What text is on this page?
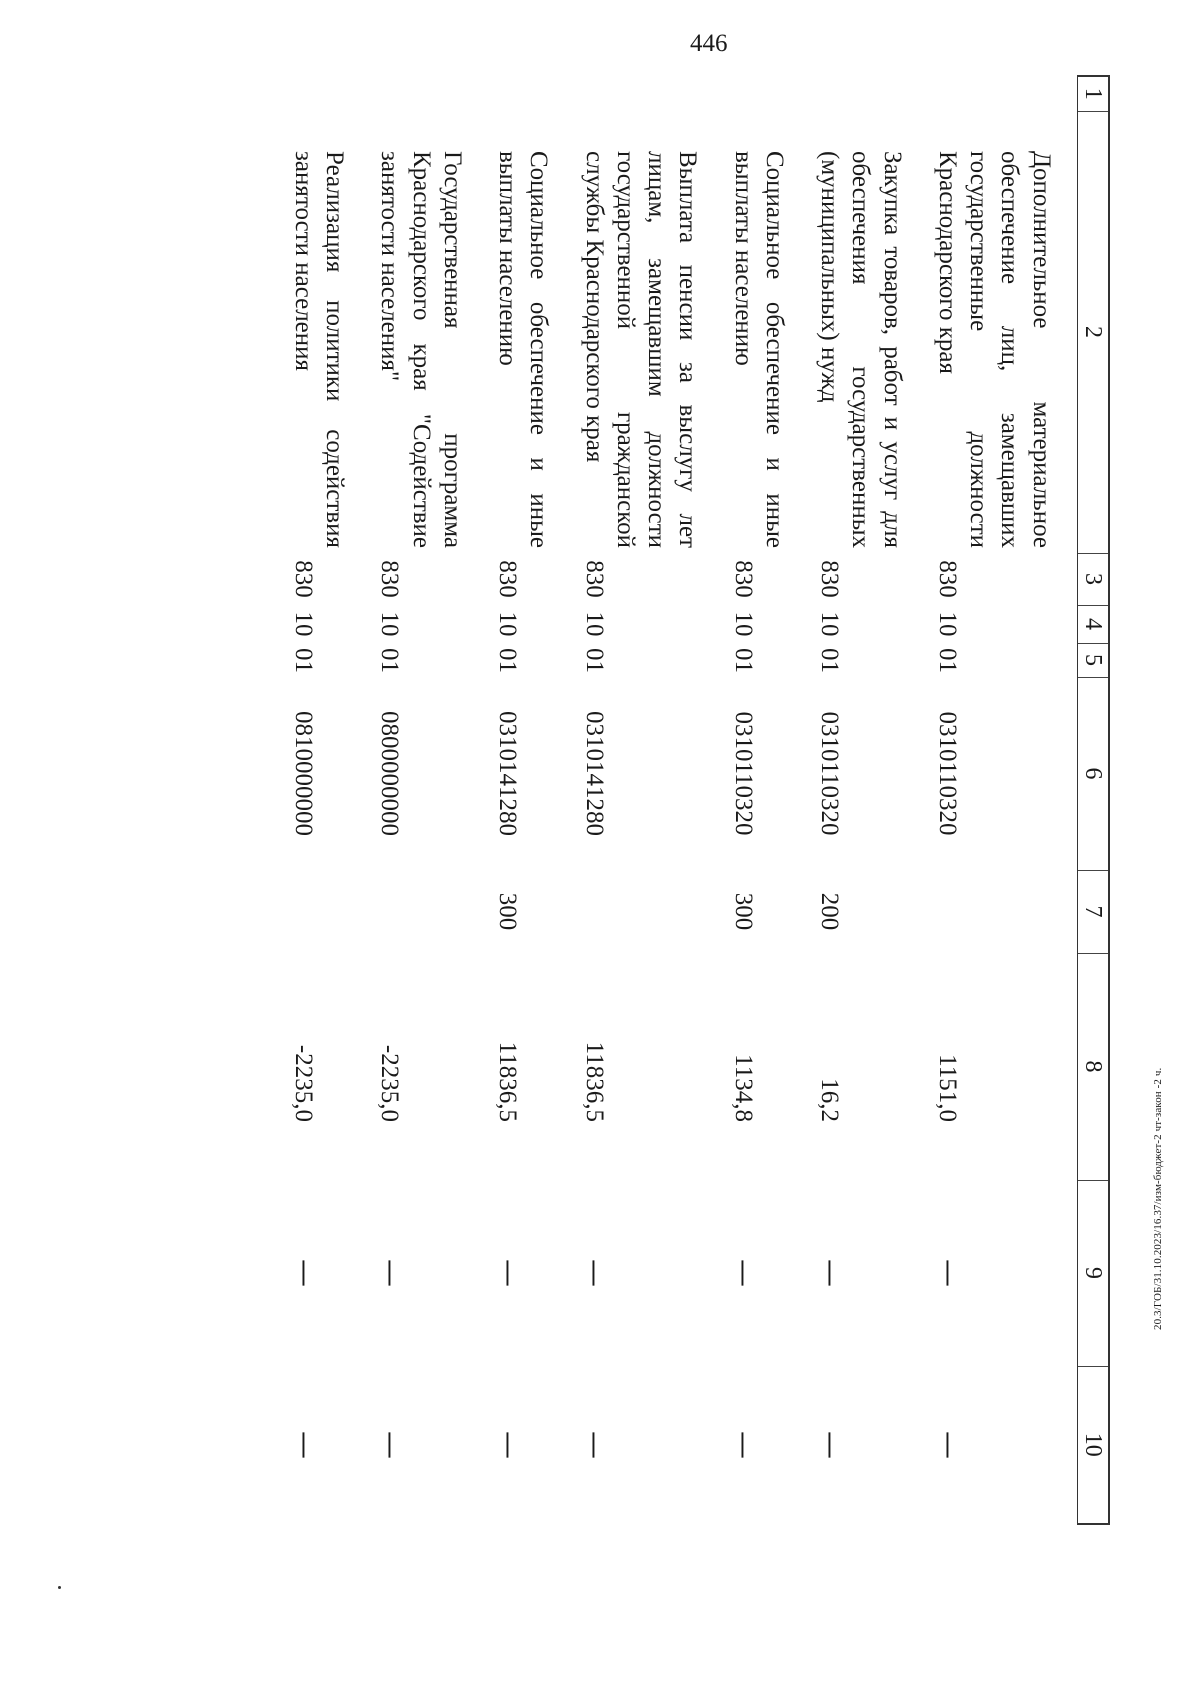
446
1	2	3	4	5	6	7	8	9	10
	Дополнительное материальное обеспечение лиц, замещавших государственные должности Краснодарского края	830	10	01	0310110320		1151,0	—	—
	Закупка товаров, работ и услуг для обеспечения государственных (муниципальных) нужд	830	10	01	0310110320	200	16,2	—	—
	Социальное обеспечение и иные выплаты населению	830	10	01	0310110320	300	1134,8	—	—
	Выплата пенсии за выслугу лет лицам, замещавшим должности государственной гражданской службы Краснодарского края	830	10	01	0310141280		11836,5	—	—
	Социальное обеспечение и иные выплаты населению	830	10	01	0310141280	300	11836,5	—	—
	Государственная программа Краснодарского края "Содействие занятости населения"	830	10	01	0800000000		-2235,0	—	—
	Реализация политики содействия занятости населения	830	10	01	0810000000		-2235,0	—	—
20.3/ГОБ/31.10.2023/16.37/изм-бюджет-2 чт-закон -2 ч.
